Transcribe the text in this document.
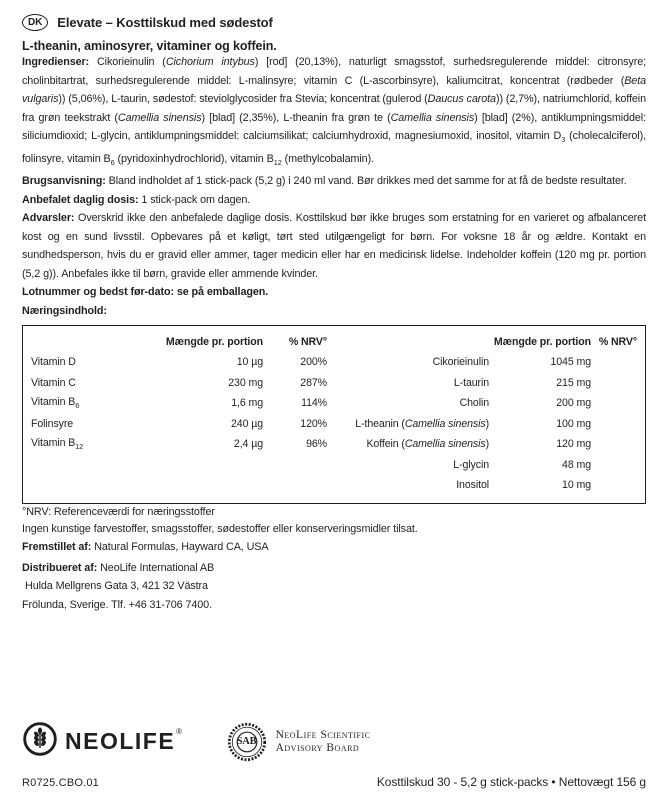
DK	Elevate – Kosttilskud med sødestof
L-theanin, aminosyrer, vitaminer og koffein.

Ingredienser: Cikorieinulin (Cichorium intybus) [rod] (20,13%), naturligt smagsstof, surhedsregulerende middel: citronsyre; cholinbitartrat, surhedsregulerende middel: L-malinsyre; vitamin C (L-ascorbinsyre), kaliumcitrat, koncentrat (rødbeder (Beta vulgaris)) (5,06%), L-taurin, sødestof: steviolglycosider fra Stevia; koncentrat (gulerod (Daucus carota)) (2,7%), natriumchlorid, koffein fra grøn teekstrakt (Camellia sinensis) [blad] (2,35%), L-theanin fra grøn te (Camellia sinensis) [blad] (2%), antiklumpningsmiddel: siliciumdioxid; L-glycin, antiklumpningsmiddel: calciumsilikat; calciumhydroxid, magnesiumoxid, inositol, vitamin $D_3$ (cholecalciferol), folinsyre, vitamin $B_6$ (pyridoxinhydrochlorid), vitamin $B_{12}$ (methylcobalamin).

Brugsanvisning: Bland indholdet af 1 stick-pack (5,2 g) i 240 ml vand. Bør drikkes med det samme for at få de bedste resultater.

Anbefalet daglig dosis: 1 stick-pack om dagen.

Advarsler: Overskrid ikke den anbefalede daglige dosis. Kosttilskud bør ikke bruges som erstatning for en varieret og afbalanceret kost og en sund livsstil. Opbevares på et køligt, tørt sted utilgængeligt for børn. For voksne 18 år og ældre. Kontakt en sundhedsperson, hvis du er gravid eller ammer, tager medicin eller har en medicinsk lidelse. Indeholder koffein (120 mg pr. portion (5,2 g)). Anbefales ikke til børn, gravide eller ammende kvinder.

Lotnummer og bedst før-dato: se på emballagen.

Næringsindhold:

Mængde pr. portion	% NRV°
Vitamin D	10 µg	200%
Vitamin C	230 mg	287%
Vitamin $B_6$	1,6 mg	114%
Folinsyre	240 µg	120%
Vitamin $B_{12}$	2,4 µg	96%
Mængde pr. portion % NRV°
Cikorieinulin	1045 mg
L-taurin	215 mg
Cholin	200 mg
L-theanin (Camellia sinensis)	100 mg
Koffein (Camellia sinensis)	120 mg
L-glycin	48 mg
Inositol	10 mg

°NRV: Referenceværdi for næringsstoffer

Ingen kunstige farvestoffer, smagsstoffer, sødestoffer eller konserveringsmidler tilsat.

Fremstillet af: Natural Formulas, Hayward CA, USA

Distribueret af: NeoLife International AB

Hulda Mellgrens Gata 3, 421 32 Västra

Frölunda, Sverige. Tlf. +46 31-706 7400.

NEOLIFE®
SAB
NeoLife Scientific
Advisory Board
R0725.CBO.01	Kosttilskud 30 - 5,2 g stick-packs • Nettovægt 156 g
